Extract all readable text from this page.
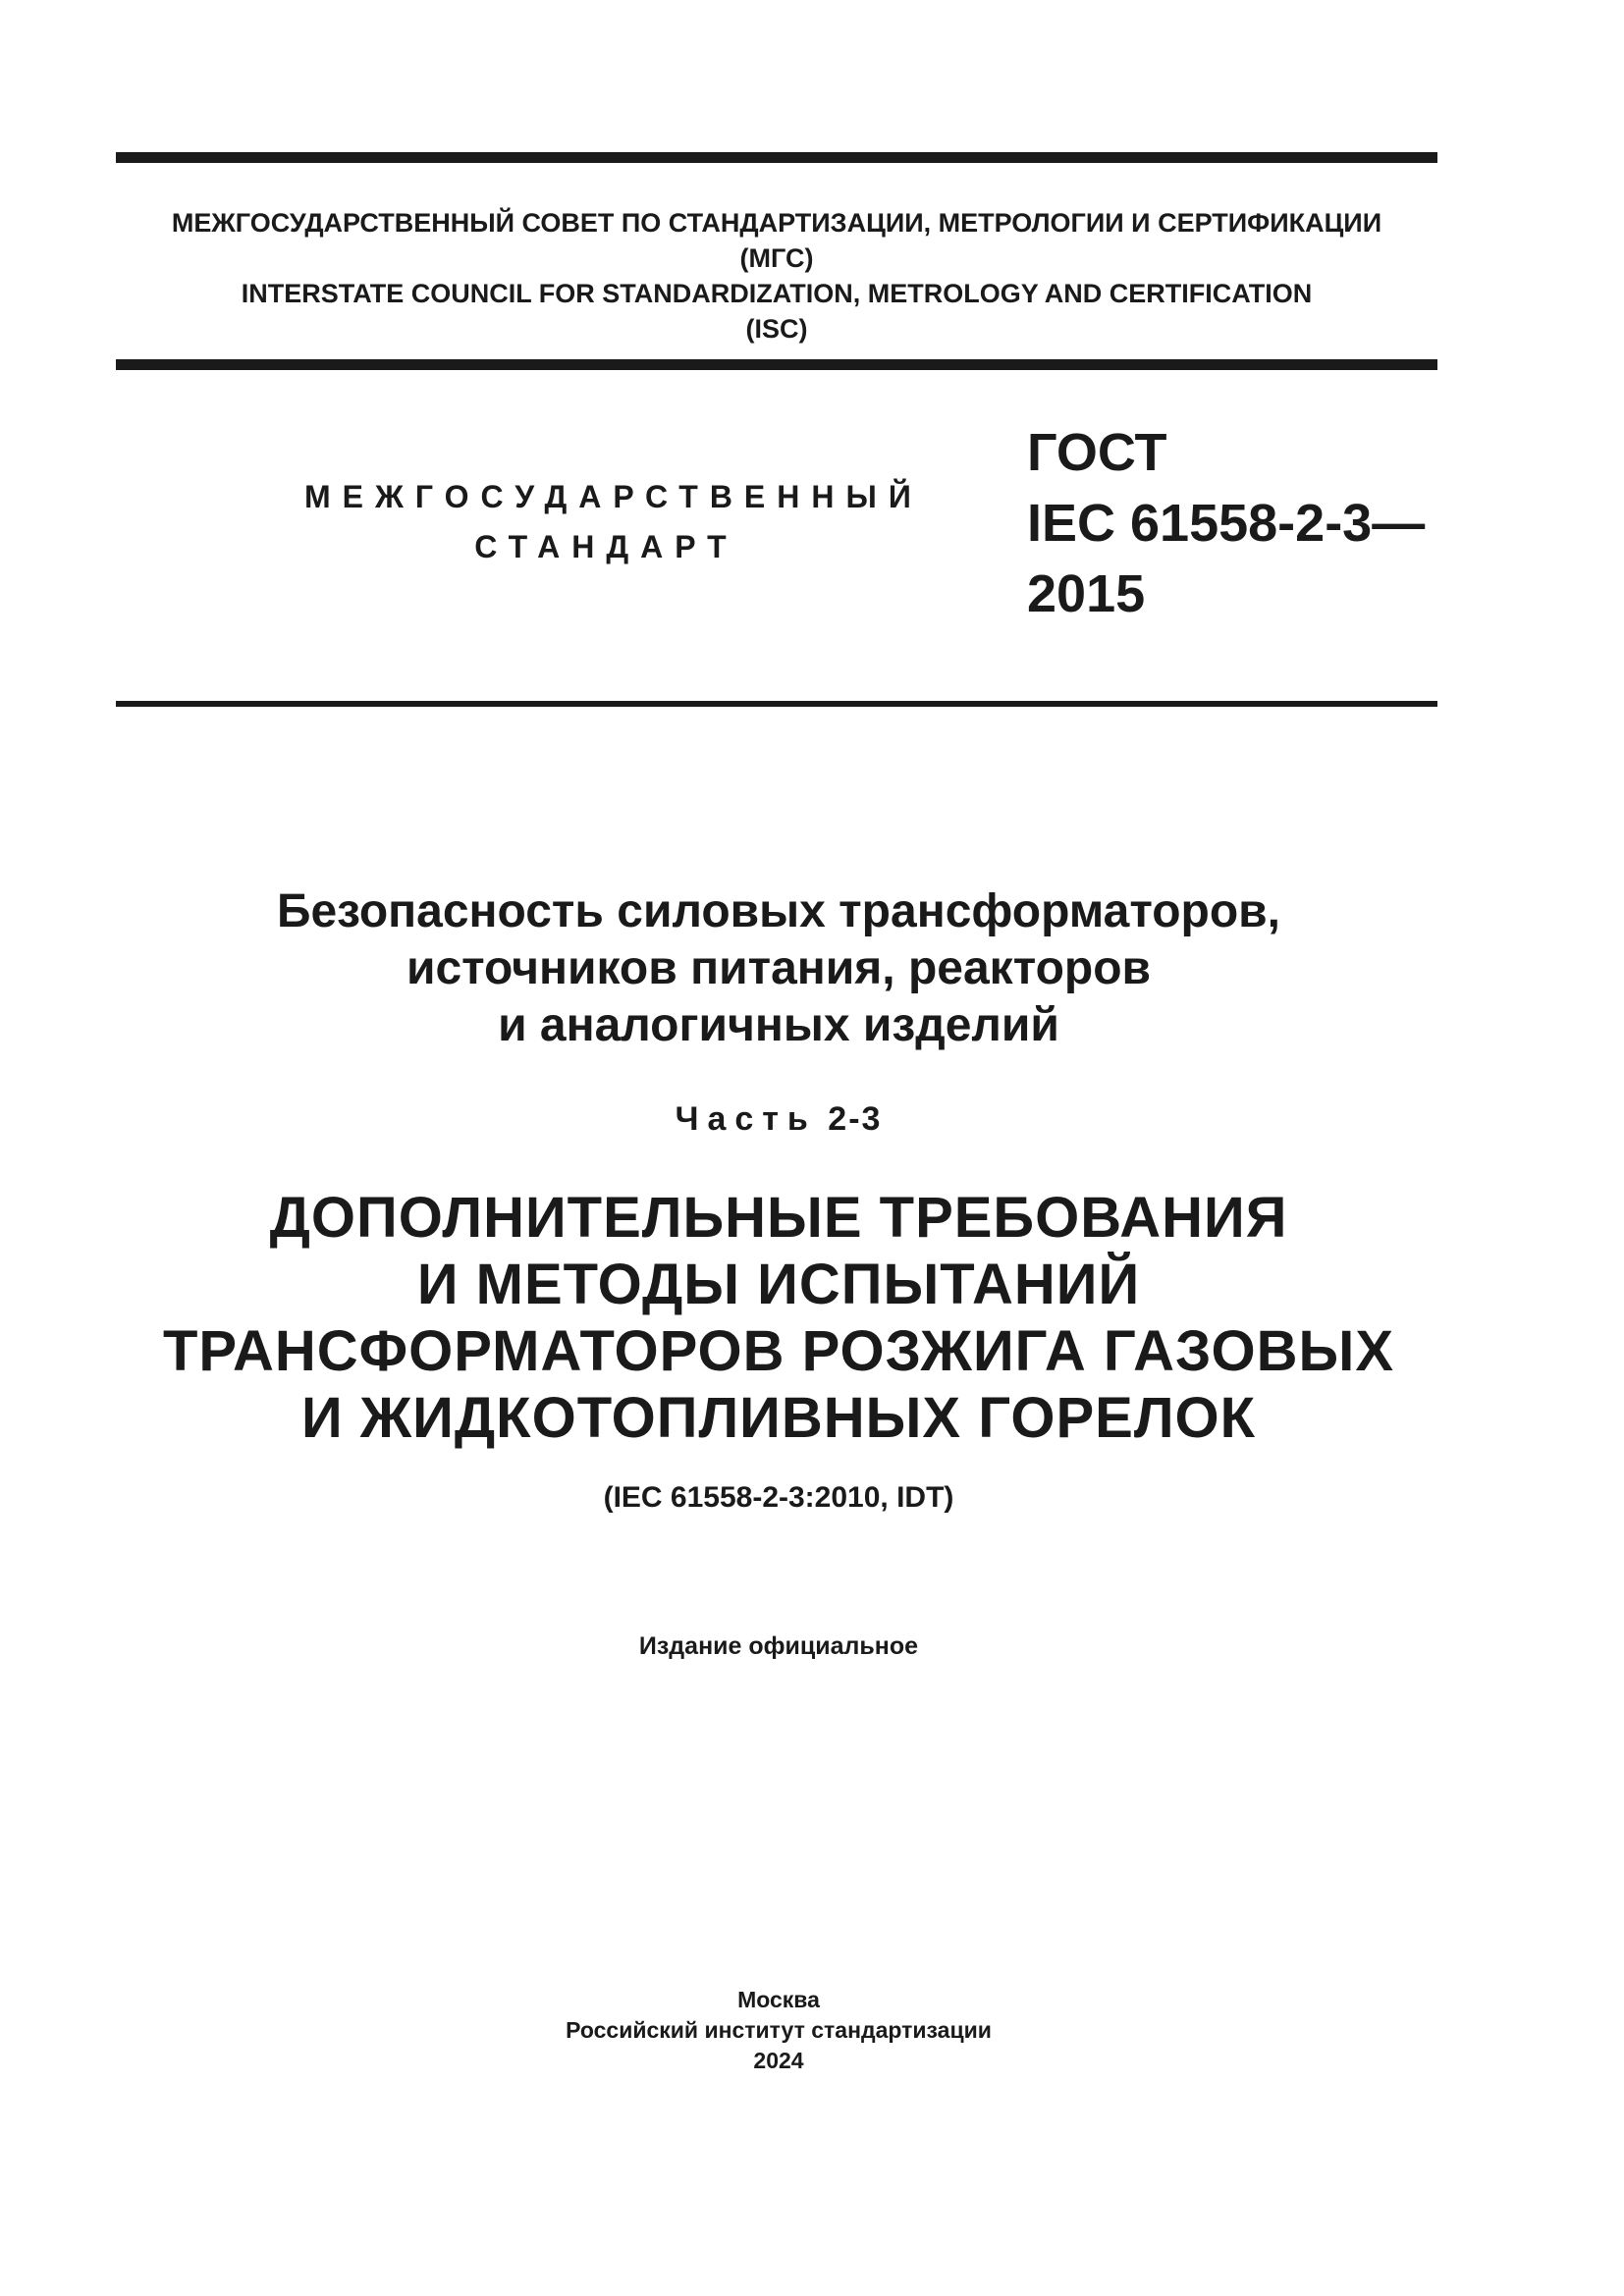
МЕЖГОСУДАРСТВЕННЫЙ СОВЕТ ПО СТАНДАРТИЗАЦИИ, МЕТРОЛОГИИ И СЕРТИФИКАЦИИ
(МГС)
INTERSTATE COUNCIL FOR STANDARDIZATION, METROLOGY AND CERTIFICATION
(ISC)
МЕЖГОСУДАРСТВЕННЫЙ
СТАНДАРТ
ГОСТ
IEC 61558-2-3—
2015
Безопасность силовых трансформаторов,
источников питания, реакторов
и аналогичных изделий
Часть 2-3
ДОПОЛНИТЕЛЬНЫЕ ТРЕБОВАНИЯ
И МЕТОДЫ ИСПЫТАНИЙ
ТРАНСФОРМАТОРОВ РОЗЖИГА ГАЗОВЫХ
И ЖИДКОТОПЛИВНЫХ ГОРЕЛОК
(IEC 61558-2-3:2010, IDT)
Издание официальное
Москва
Российский институт стандартизации
2024
